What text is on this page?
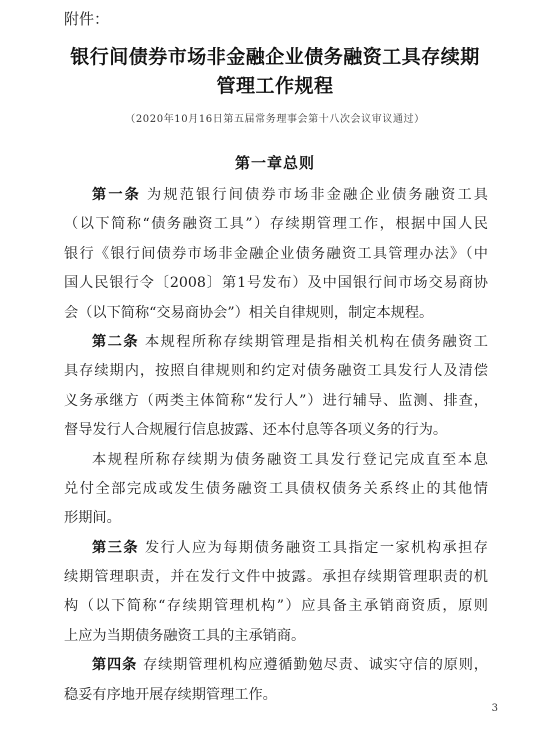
附件：
银行间债券市场非金融企业债务融资工具存续期
管理工作规程
（2020年10月16日第五届常务理事会第十八次会议审议通过）
第一章总则
第一条 为规范银行间债券市场非金融企业债务融资工具
（以下简称“债务融资工具”）存续期管理工作，根据中国人民
银行《银行间债券市场非金融企业债务融资工具管理办法》（中
国人民银行令〔2008〕第1号发布）及中国银行间市场交易商协
会（以下简称“交易商协会”）相关自律规则，制定本规程。
第二条 本规程所称存续期管理是指相关机构在债务融资工
具存续期内，按照自律规则和约定对债务融资工具发行人及清偿
义务承继方（两类主体简称“发行人”）进行辅导、监测、排查，
督导发行人合规履行信息披露、还本付息等各项义务的行为。
本规程所称存续期为债务融资工具发行登记完成直至本息
兑付全部完成或发生债务融资工具债权债务关系终止的其他情
形期间。
第三条 发行人应为每期债务融资工具指定一家机构承担存
续期管理职责，并在发行文件中披露。承担存续期管理职责的机
构（以下简称“存续期管理机构”）应具备主承销商资质，原则
上应为当期债务融资工具的主承销商。
第四条 存续期管理机构应遵循勤勉尽责、诚实守信的原则，
稳妥有序地开展存续期管理工作。
3
